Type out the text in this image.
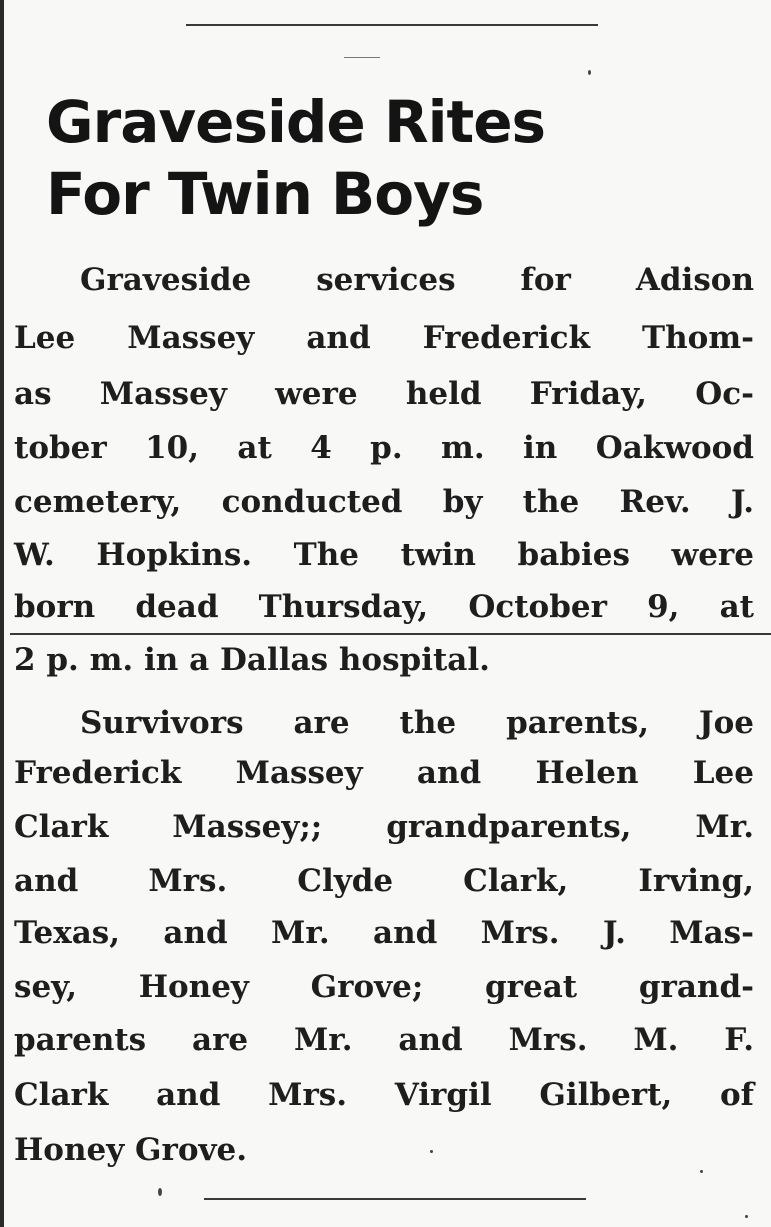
Graveside Rites
For Twin Boys
Graveside services for Adison
Lee Massey and Frederick Thom-
as Massey were held Friday, Oc-
tober 10, at 4 p. m. in Oakwood
cemetery, conducted by the Rev. J.
W. Hopkins. The twin babies were
born dead Thursday, October 9, at
2 p. m. in a Dallas hospital.
Survivors are the parents, Joe
Frederick Massey and Helen Lee
Clark Massey;; grandparents, Mr.
and Mrs. Clyde Clark, Irving,
Texas, and Mr. and Mrs. J. Mas-
sey, Honey Grove; great grand-
parents are Mr. and Mrs. M. F.
Clark and Mrs. Virgil Gilbert, of
Honey Grove.
